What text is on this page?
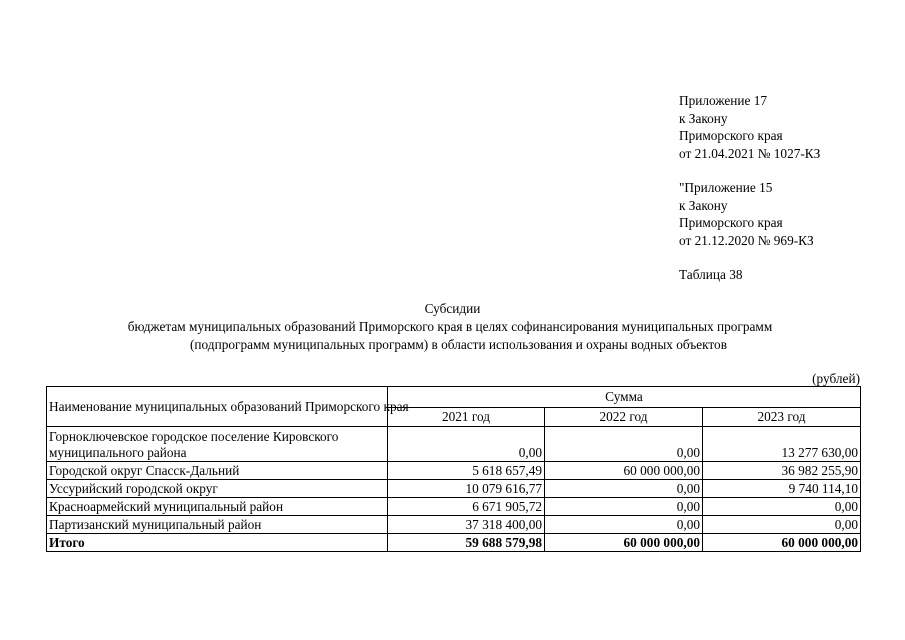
Приложение 17
к Закону
Приморского края
от 21.04.2021 № 1027-КЗ
"Приложение 15
к Закону
Приморского края
от 21.12.2020 № 969-КЗ
Таблица 38
Субсидии
бюджетам муниципальных образований Приморского края в целях софинансирования муниципальных программ
(подпрограмм муниципальных программ) в области использования и охраны водных объектов
(рублей)
Наименование муниципальных образований Приморского края	Сумма		
	2021 год	2022 год	2023 год
Горноключевское городское поселение Кировского муниципального района	0,00	0,00	13 277 630,00
Городской округ Спасск-Дальний	5 618 657,49	60 000 000,00	36 982 255,90
Уссурийский городской округ	10 079 616,77	0,00	9 740 114,10
Красноармейский муниципальный район	6 671 905,72	0,00	0,00
Партизанский муниципальный район	37 318 400,00	0,00	0,00
Итого	59 688 579,98	60 000 000,00	60 000 000,00
